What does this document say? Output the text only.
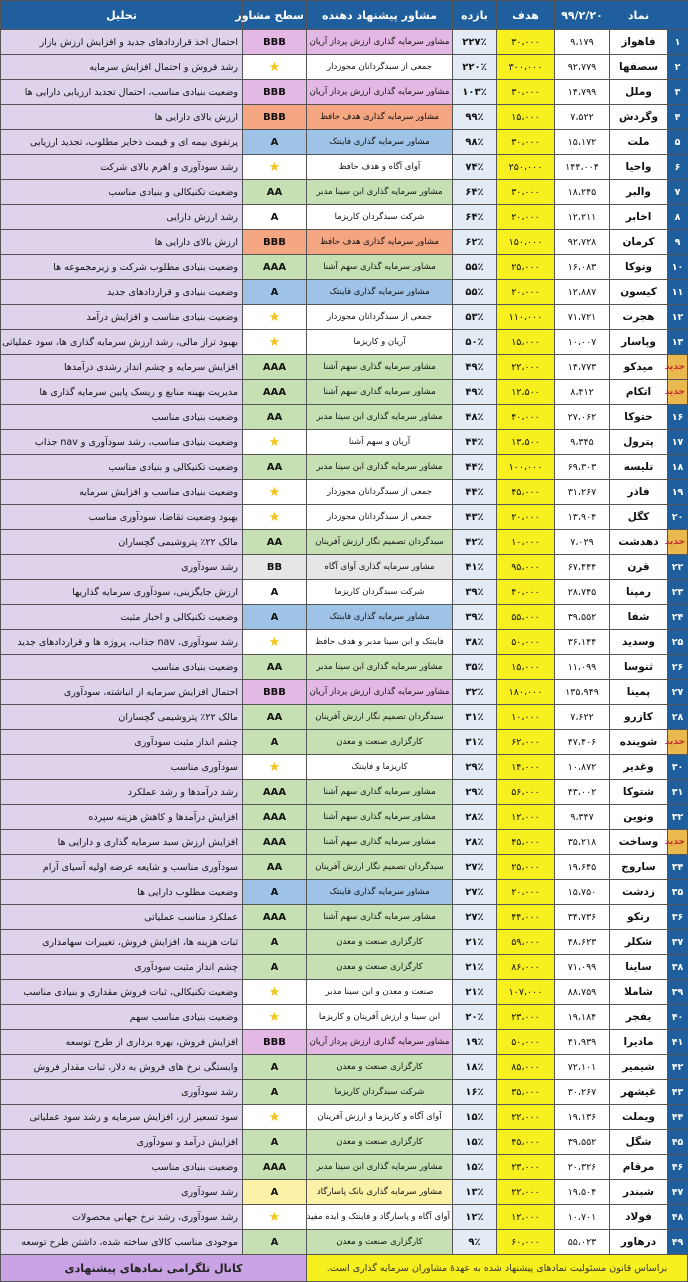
	نماد	۹۹/۲/۲۰	هدف	بازده	مشاور پیشنهاد دهنده	سطح مشاور	تحلیل
۱	فاهواز	۹،۱۷۹	۳۰،۰۰۰	۲۲۷٪	مشاور سرمایه گذاری ارزش پرداز آریان	BBB	احتمال اخذ قراردادهای جدید و افزایش ارزش بازار
۲	سصفها	۹۲،۷۷۹	۳۰۰،۰۰۰	۲۲۰٪	جمعی از سبدگردانان مجوزدار	★	رشد فروش و احتمال افزایش سرمایه
۳	وملل	۱۴،۷۹۹	۳۰،۰۰۰	۱۰۳٪	مشاور سرمایه گذاری ارزش پرداز آریان	BBB	وضعیت بنیادی مناسب، احتمال تجدید ارزیابی دارایی ها
۴	وگردش	۷،۵۲۲	۱۵،۰۰۰	۹۹٪	مشاور سرمایه گذاری هدف حافظ	BBB	ارزش بالای دارایی ها
۵	ملت	۱۵،۱۷۲	۳۰،۰۰۰	۹۸٪	مشاور سرمایه گذاری فاینتک	A	پرتفوی بیمه ای و قیمت ذخایر مطلوب، تجدید ارزیابی
۶	واحیا	۱۴۴،۰۰۴	۲۵۰،۰۰۰	۷۴٪	آوای آگاه و هدف حافظ	★	رشد سودآوری و اهرم بالای شرکت
۷	والبر	۱۸،۲۴۵	۳۰،۰۰۰	۶۴٪	مشاور سرمایه گذاری ابن سینا مدبر	AA	وضعیت تکنیکالی و بنیادی مناسب
۸	اخابر	۱۲،۲۱۱	۲۰،۰۰۰	۶۴٪	شرکت سبدگردان کاریزما	A	رشد ارزش دارایی
۹	کرمان	۹۲،۷۲۸	۱۵۰،۰۰۰	۶۲٪	مشاور سرمایه گذاری هدف حافظ	BBB	ارزش بالای دارایی ها
۱۰	وتوکا	۱۶،۰۸۳	۲۵،۰۰۰	۵۵٪	مشاور سرمایه گذاری سهم آشنا	AAA	وضعیت بنیادی مطلوب شرکت و زیرمجموعه ها
۱۱	کیسون	۱۲،۸۸۷	۲۰،۰۰۰	۵۵٪	مشاور سرمایه گذاری فاینتک	A	وضعیت بنیادی و قراردادهای جدید
۱۲	هجرت	۷۱،۷۲۱	۱۱۰،۰۰۰	۵۳٪	جمعی از سبدگردانان مجوزدار	★	وضعیت بنیادی مناسب و افزایش درآمد
۱۳	وپاسار	۱۰،۰۰۷	۱۵،۰۰۰	۵۰٪	آریان و کاریزما	★	بهبود تراز مالی، رشد ارزش سرمایه گذاری ها، سود عملیاتی
جدید	میدکو	۱۴،۷۷۳	۲۲،۰۰۰	۴۹٪	مشاور سرمایه گذاری سهم آشنا	AAA	افزایش سرمایه و چشم انداز رشدی درآمدها
جدید	اتکام	۸،۴۱۲	۱۲،۵۰۰	۴۹٪	مشاور سرمایه گذاری سهم آشنا	AAA	مدیریت بهینه منابع و ریسک پایین سرمایه گذاری ها
۱۶	حتوکا	۲۷،۰۶۲	۴۰،۰۰۰	۴۸٪	مشاور سرمایه گذاری ابن سینا مدبر	AA	وضعیت بنیادی مناسب
۱۷	پترول	۹،۳۴۵	۱۳،۵۰۰	۴۴٪	آریان و سهم آشنا	★	وضعیت بنیادی مناسب، رشد سودآوری و nav جذاب
۱۸	تلیسه	۶۹،۳۰۳	۱۰۰،۰۰۰	۴۴٪	مشاور سرمایه گذاری ابن سینا مدبر	AA	وضعیت تکنیکالی و بنیادی مناسب
۱۹	فاذر	۳۱،۲۶۷	۴۵،۰۰۰	۴۴٪	جمعی از سبدگردانان مجوزدار	★	وضعیت بنیادی مناسب و افزایش سرمایه
۲۰	کگل	۱۳،۹۰۴	۲۰،۰۰۰	۴۳٪	جمعی از سبدگردانان مجوزدار	★	بهبود وضعیت تقاضا، سودآوری مناسب
جدید	دهدشت	۷،۰۲۹	۱۰،۰۰۰	۴۲٪	سبدگردان تصمیم نگار ارزش آفرینان	AA	مالک ۲۲٪ پتروشیمی گچساران
۲۲	قرن	۶۷،۴۴۴	۹۵،۰۰۰	۴۱٪	مشاور سرمایه گذاری آوای آگاه	BB	رشد سودآوری
۲۳	رمپنا	۲۸،۷۴۵	۴۰،۰۰۰	۳۹٪	شرکت سبدگردان کاریزما	A	ارزش جایگزینی، سودآوری سرمایه گذاریها
۲۴	شفا	۳۹،۵۵۲	۵۵،۰۰۰	۳۹٪	مشاور سرمایه گذاری فاینتک	A	وضعیت تکنیکالی و اخبار مثبت
۲۵	وسدید	۳۶،۱۴۴	۵۰،۰۰۰	۳۸٪	فاینتک و ابن سینا مدبر و هدف حافظ	★	رشد سودآوری، nav جذاب، پروژه ها و قراردادهای جدید
۲۶	ثنوسا	۱۱،۰۹۹	۱۵،۰۰۰	۳۵٪	مشاور سرمایه گذاری ابن سینا مدبر	AA	وضعیت بنیادی مناسب
۲۷	پمینا	۱۳۵،۹۴۹	۱۸۰،۰۰۰	۳۲٪	مشاور سرمایه گذاری ارزش پرداز آریان	BBB	احتمال افزایش سرمایه از انباشته، سودآوری
۲۸	کازرو	۷،۶۲۲	۱۰،۰۰۰	۳۱٪	سبدگردان تصمیم نگار ارزش آفرینان	AA	مالک ۲۲٪ پتروشیمی گچساران
جدید	شوینده	۴۷،۴۰۶	۶۲،۰۰۰	۳۱٪	کارگزاری صنعت و معدن	A	چشم انداز مثبت سودآوری
۳۰	وغدیر	۱۰،۸۷۲	۱۴،۰۰۰	۲۹٪	کاریزما و فاینتک	★	سودآوری مناسب
۳۱	شتوکا	۴۳،۰۰۲	۵۶،۰۰۰	۲۹٪	مشاور سرمایه گذاری سهم آشنا	AAA	رشد درآمدها و رشد عملکرد
۳۲	ونوین	۹،۳۴۷	۱۲،۰۰۰	۲۸٪	مشاور سرمایه گذاری سهم آشنا	AAA	افزایش درآمدها و کاهش هزینه سپرده
جدید	وساخت	۳۵،۲۱۸	۴۵،۰۰۰	۲۸٪	مشاور سرمایه گذاری سهم آشنا	AAA	افزایش ارزش سبد سرمایه گذاری و دارایی ها
۳۴	ساروج	۱۹،۶۴۵	۲۵،۰۰۰	۲۷٪	سبدگردان تصمیم نگار ارزش آفرینان	AA	سودآوری مناسب و شایعه عرضه اولیه آسیای آرام
۳۵	زدشت	۱۵،۷۵۰	۲۰،۰۰۰	۲۷٪	مشاور سرمایه گذاری فاینتک	A	وضعیت مطلوب دارایی ها
۳۶	رتکو	۳۴،۷۳۶	۴۴،۰۰۰	۲۷٪	مشاور سرمایه گذاری سهم آشنا	AAA	عملکرد مناسب عملیاتی
۳۷	شکلر	۴۸،۶۲۳	۵۹،۰۰۰	۲۱٪	کارگزاری صنعت و معدن	A	ثبات هزینه ها، افزایش فروش، تغییرات سهامداری
۳۸	ساینا	۷۱،۰۹۹	۸۶،۰۰۰	۲۱٪	کارگزاری صنعت و معدن	A	چشم انداز مثبت سودآوری
۳۹	شاملا	۸۸،۷۵۹	۱۰۷،۰۰۰	۲۱٪	صنعت و معدن و ابن سینا مدبر	★	وضعیت تکنیکالی، ثبات فروش مقداری و بنیادی مناسب
۴۰	یفجر	۱۹،۱۸۴	۲۳،۰۰۰	۲۰٪	ابن سینا و ارزش آفرینان و کاریزما	★	وضعیت بنیادی مناسب سهم
۴۱	مادیرا	۴۱،۹۳۹	۵۰،۰۰۰	۱۹٪	مشاور سرمایه گذاری ارزش پرداز آریان	BBB	افزایش فروش، بهره برداری از طرح توسعه
۴۲	شیمیر	۷۲،۱۰۱	۸۵،۰۰۰	۱۸٪	کارگزاری صنعت و معدن	A	وابستگی نرخ های فروش به دلار، ثبات مقدار فروش
۴۳	غیشهر	۳۰،۲۶۷	۳۵،۰۰۰	۱۶٪	شرکت سبدگردان کاریزما	A	رشد سودآوری
۴۴	ویملت	۱۹،۱۳۶	۲۲،۰۰۰	۱۵٪	آوای آگاه و کاریزما و ارزش آفرینان	★	سود تسعیر ارز، افزایش سرمایه و رشد سود عملیاتی
۴۵	شگل	۳۹،۵۵۲	۴۵،۰۰۰	۱۵٪	کارگزاری صنعت و معدن	A	افزایش درآمد و سودآوری
۴۶	مرقام	۲۰،۳۲۶	۲۳،۰۰۰	۱۵٪	مشاور سرمایه گذاری ابن سینا مدبر	AAA	وضعیت بنیادی مناسب
۴۷	شبندر	۱۹،۵۰۴	۲۲،۰۰۰	۱۳٪	مشاور سرمایه گذاری بانک پاسارگاد	A	رشد سودآوری
۴۸	فولاد	۱۰،۷۰۱	۱۲،۰۰۰	۱۲٪	آوای آگاه و پاسارگاد و فاینتک و ایده مفید	★	رشد سودآوری، رشد نرخ جهانی محصولات
۴۹	درهاور	۵۵،۰۲۳	۶۰،۰۰۰	۹٪	کارگزاری صنعت و معدن	A	موجودی مناسب کالای ساخته شده، داشتن طرح توسعه
براساس قانون مسئولیت نمادهای پیشنهاد شده به عهدهٔ مشاوران سرمایه گذاری است.						کانال تلگرامی نمادهای پیشنهادی	
